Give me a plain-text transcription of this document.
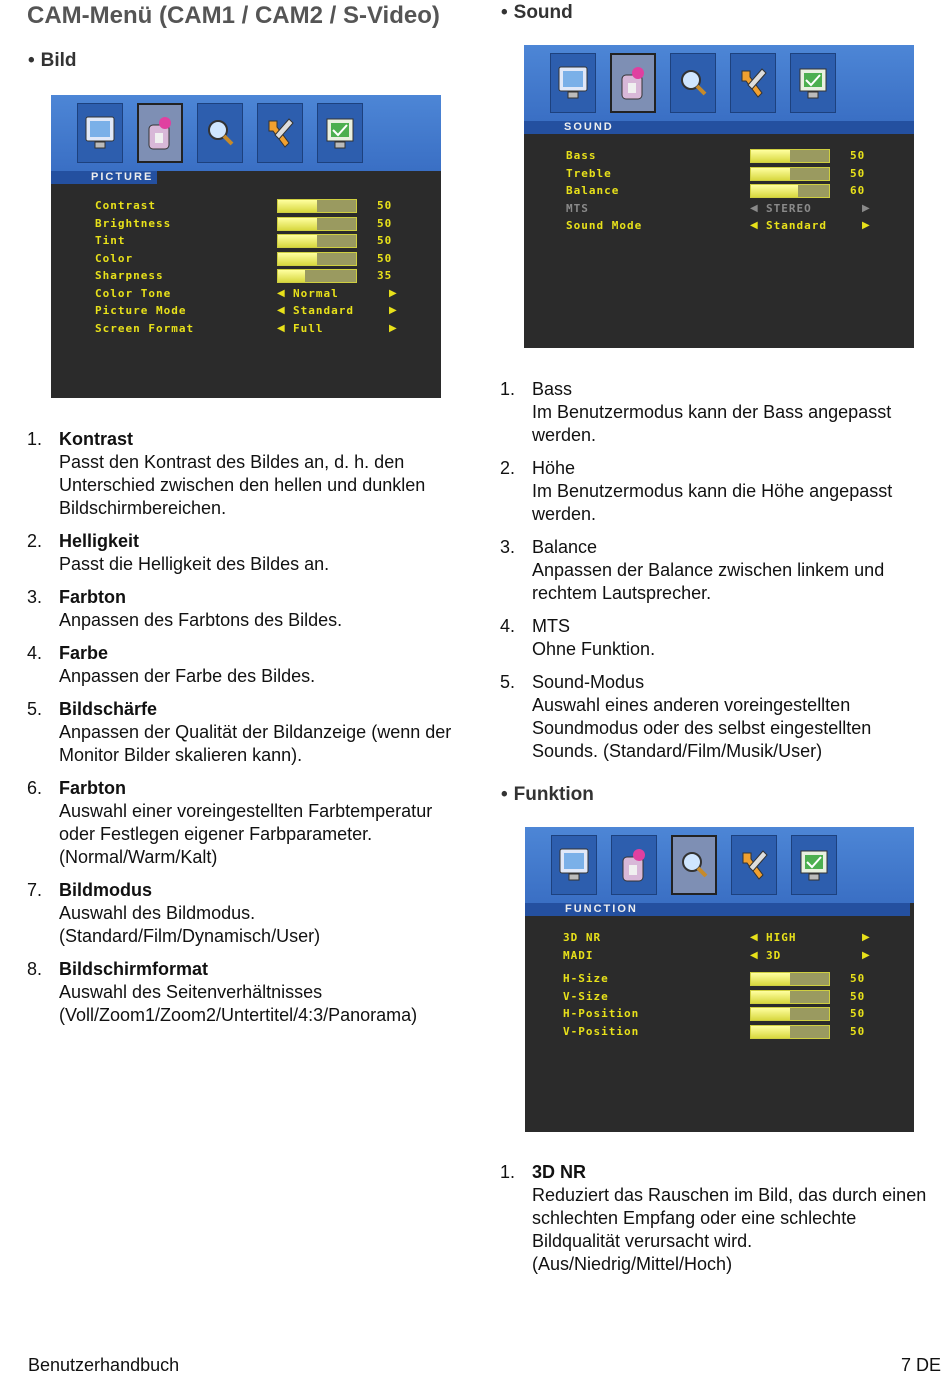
CAM-Menü (CAM1 / CAM2 / S-Video)
• Bild
PICTURE
Contrast	50
Brightness	50
Tint	50
Color	50
Sharpness	35
Color Tone	◀ Normal	▶
Picture Mode	◀ Standard	▶
Screen Format	◀ Full	▶
1. Kontrast
Passt den Kontrast des Bildes an, d. h. den Unterschied zwischen den hellen und dunklen Bildschirmbereichen.
2. Helligkeit
Passt die Helligkeit des Bildes an.
3. Farbton
Anpassen des Farbtons des Bildes.
4. Farbe
Anpassen der Farbe des Bildes.
5. Bildschärfe
Anpassen der Qualität der Bildanzeige (wenn der Monitor Bilder skalieren kann).
6. Farbton
Auswahl einer voreingestellten Farbtemperatur oder Festlegen eigener Farbparameter. (Normal/Warm/Kalt)
7. Bildmodus
Auswahl des Bildmodus. (Standard/Film/Dynamisch/User)
8. Bildschirmformat
Auswahl des Seitenverhältnisses (Voll/Zoom1/Zoom2/Untertitel/4:3/Panorama)
• Sound
SOUND
Bass	50
Treble	50
Balance	60
MTS	◀ STEREO	▶
Sound Mode	◀ Standard	▶
1. Bass
Im Benutzermodus kann der Bass angepasst werden.
2. Höhe
Im Benutzermodus kann die Höhe angepasst werden.
3. Balance
Anpassen der Balance zwischen linkem und rechtem Lautsprecher.
4. MTS
Ohne Funktion.
5. Sound-Modus
Auswahl eines anderen voreingestellten Soundmodus oder des selbst eingestellten Sounds. (Standard/Film/Musik/User)
• Funktion
FUNCTION
3D NR	◀ HIGH	▶
MADI	◀ 3D	▶
H-Size	50
V-Size	50
H-Position	50
V-Position	50
1. 3D NR
Reduziert das Rauschen im Bild, das durch einen schlechten Empfang oder eine schlechte Bildqualität verursacht wird. (Aus/Niedrig/Mittel/Hoch)
Benutzerhandbuch	7 DE
